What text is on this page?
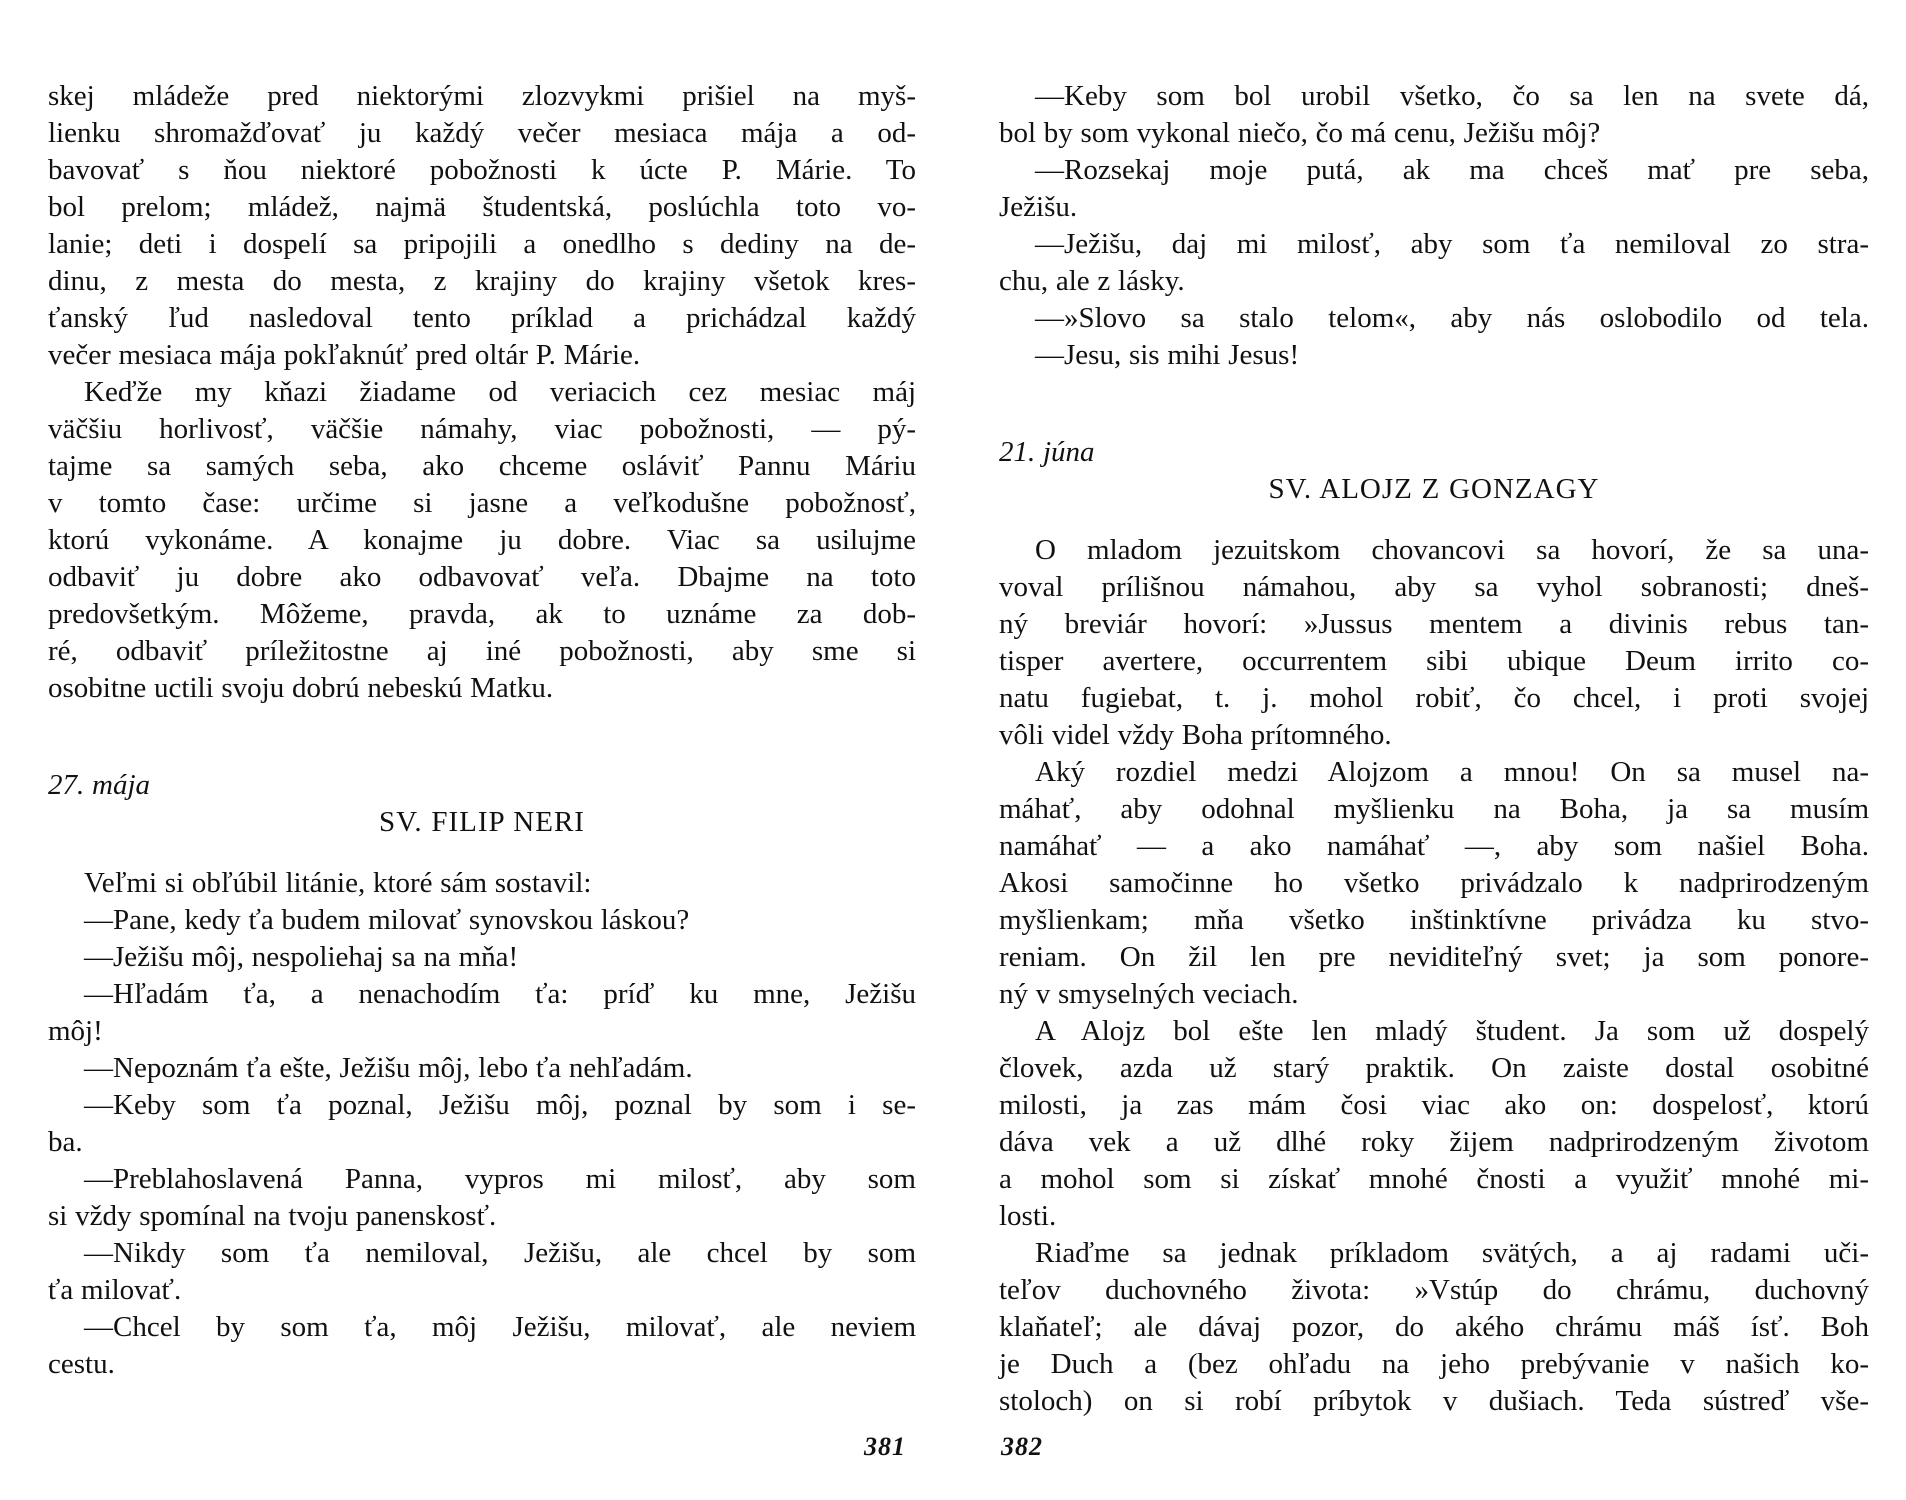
skej mládeže pred niektorými zlozvykmi prišiel na myš-
lienku shromažďovať ju každý večer mesiaca mája a od-
bavovať s ňou niektoré pobožnosti k úcte P. Márie. To
bol prelom; mládež, najmä študentská, poslúchla toto vo-
lanie; deti i dospelí sa pripojili a onedlho s dediny na de-
dinu, z mesta do mesta, z krajiny do krajiny všetok kres-
ťanský ľud nasledoval tento príklad a prichádzal každý
večer mesiaca mája pokľaknúť pred oltár P. Márie.
Keďže my kňazi žiadame od veriacich cez mesiac máj
väčšiu horlivosť, väčšie námahy, viac pobožnosti, — pý-
tajme sa samých seba, ako chceme osláviť Pannu Máriu
v tomto čase: určime si jasne a veľkodušne pobožnosť,
ktorú vykonáme. A konajme ju dobre. Viac sa usilujme
odbaviť ju dobre ako odbavovať veľa. Dbajme na toto
predovšetkým. Môžeme, pravda, ak to uznáme za dob-
ré, odbaviť príležitostne aj iné pobožnosti, aby sme si
osobitne uctili svoju dobrú nebeskú Matku.
27. mája
SV. FILIP NERI
Veľmi si obľúbil litánie, ktoré sám sostavil:
—Pane, kedy ťa budem milovať synovskou láskou?
—Ježišu môj, nespoliehaj sa na mňa!
—Hľadám ťa, a nenachodím ťa: príď ku mne, Ježišu
môj!
—Nepoznám ťa ešte, Ježišu môj, lebo ťa nehľadám.
—Keby som ťa poznal, Ježišu môj, poznal by som i se-
ba.
—Preblahoslavená Panna, vypros mi milosť, aby som
si vždy spomínal na tvoju panenskosť.
—Nikdy som ťa nemiloval, Ježišu, ale chcel by som
ťa milovať.
—Chcel by som ťa, môj Ježišu, milovať, ale neviem
cestu.
381
—Keby som bol urobil všetko, čo sa len na svete dá,
bol by som vykonal niečo, čo má cenu, Ježišu môj?
—Rozsekaj moje putá, ak ma chceš mať pre seba,
Ježišu.
—Ježišu, daj mi milosť, aby som ťa nemiloval zo stra-
chu, ale z lásky.
—»Slovo sa stalo telom«, aby nás oslobodilo od tela.
—Jesu, sis mihi Jesus!
21. júna
SV. ALOJZ Z GONZAGY
O mladom jezuitskom chovancovi sa hovorí, že sa una-
voval prílišnou námahou, aby sa vyhol sobranosti; dneš-
ný breviár hovorí: »Jussus mentem a divinis rebus tan-
tisper avertere, occurrentem sibi ubique Deum irrito co-
natu fugiebat, t. j. mohol robiť, čo chcel, i proti svojej
vôli videl vždy Boha prítomného.
Aký rozdiel medzi Alojzom a mnou! On sa musel na-
máhať, aby odohnal myšlienku na Boha, ja sa musím
namáhať — a ako namáhať —, aby som našiel Boha.
Akosi samočinne ho všetko privádzalo k nadprirodzeným
myšlienkam; mňa všetko inštinktívne privádza ku stvo-
reniam. On žil len pre neviditeľný svet; ja som ponore-
ný v smyselných veciach.
A Alojz bol ešte len mladý študent. Ja som už dospelý
človek, azda už starý praktik. On zaiste dostal osobitné
milosti, ja zas mám čosi viac ako on: dospelosť, ktorú
dáva vek a už dlhé roky žijem nadprirodzeným životom
a mohol som si získať mnohé čnosti a využiť mnohé mi-
losti.
Riaďme sa jednak príkladom svätých, a aj radami uči-
teľov duchovného života: »Vstúp do chrámu, duchovný
klaňateľ; ale dávaj pozor, do akého chrámu máš ísť. Boh
je Duch a (bez ohľadu na jeho prebývanie v našich ko-
stoloch) on si robí príbytok v dušiach. Teda sústreď vše-
382
